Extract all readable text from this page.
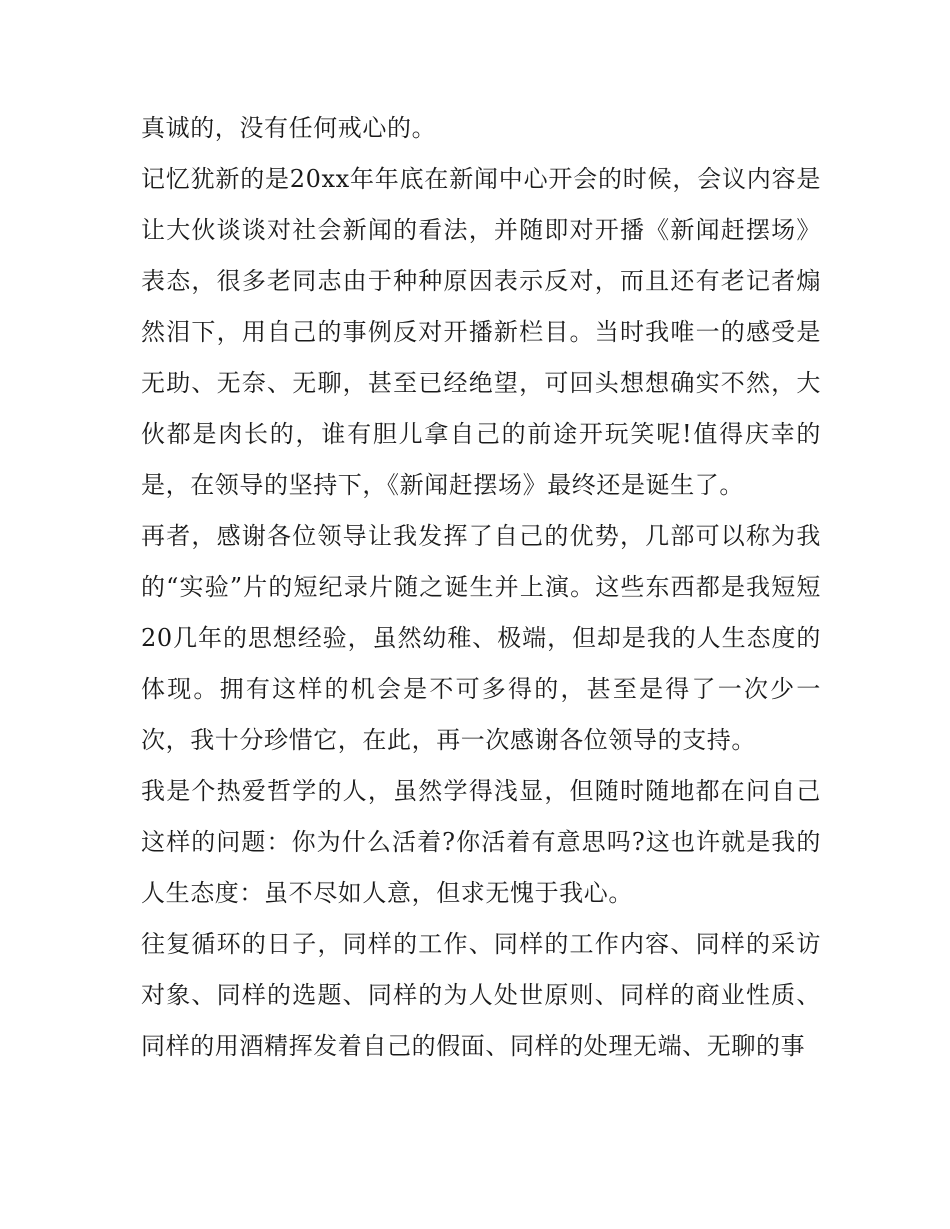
真诚的，没有任何戒心的。

记忆犹新的是20xx年年底在新闻中心开会的时候，会议内容是让大伙谈谈对社会新闻的看法，并随即对开播《新闻赶摆场》表态，很多老同志由于种种原因表示反对，而且还有老记者煽然泪下，用自己的事例反对开播新栏目。当时我唯一的感受是无助、无奈、无聊，甚至已经绝望，可回头想想确实不然，大伙都是肉长的，谁有胆儿拿自己的前途开玩笑呢!值得庆幸的是，在领导的坚持下，《新闻赶摆场》最终还是诞生了。

再者，感谢各位领导让我发挥了自己的优势，几部可以称为我的“实验”片的短纪录片随之诞生并上演。这些东西都是我短短20几年的思想经验，虽然幼稚、极端，但却是我的人生态度的体现。拥有这样的机会是不可多得的，甚至是得了一次少一次，我十分珍惜它，在此，再一次感谢各位领导的支持。

我是个热爱哲学的人，虽然学得浅显，但随时随地都在问自己这样的问题：你为什么活着?你活着有意思吗?这也许就是我的人生态度：虽不尽如人意，但求无愧于我心。

往复循环的日子，同样的工作、同样的工作内容、同样的采访对象、同样的选题、同样的为人处世原则、同样的商业性质、同样的用酒精挥发着自己的假面、同样的处理无端、无聊的事
